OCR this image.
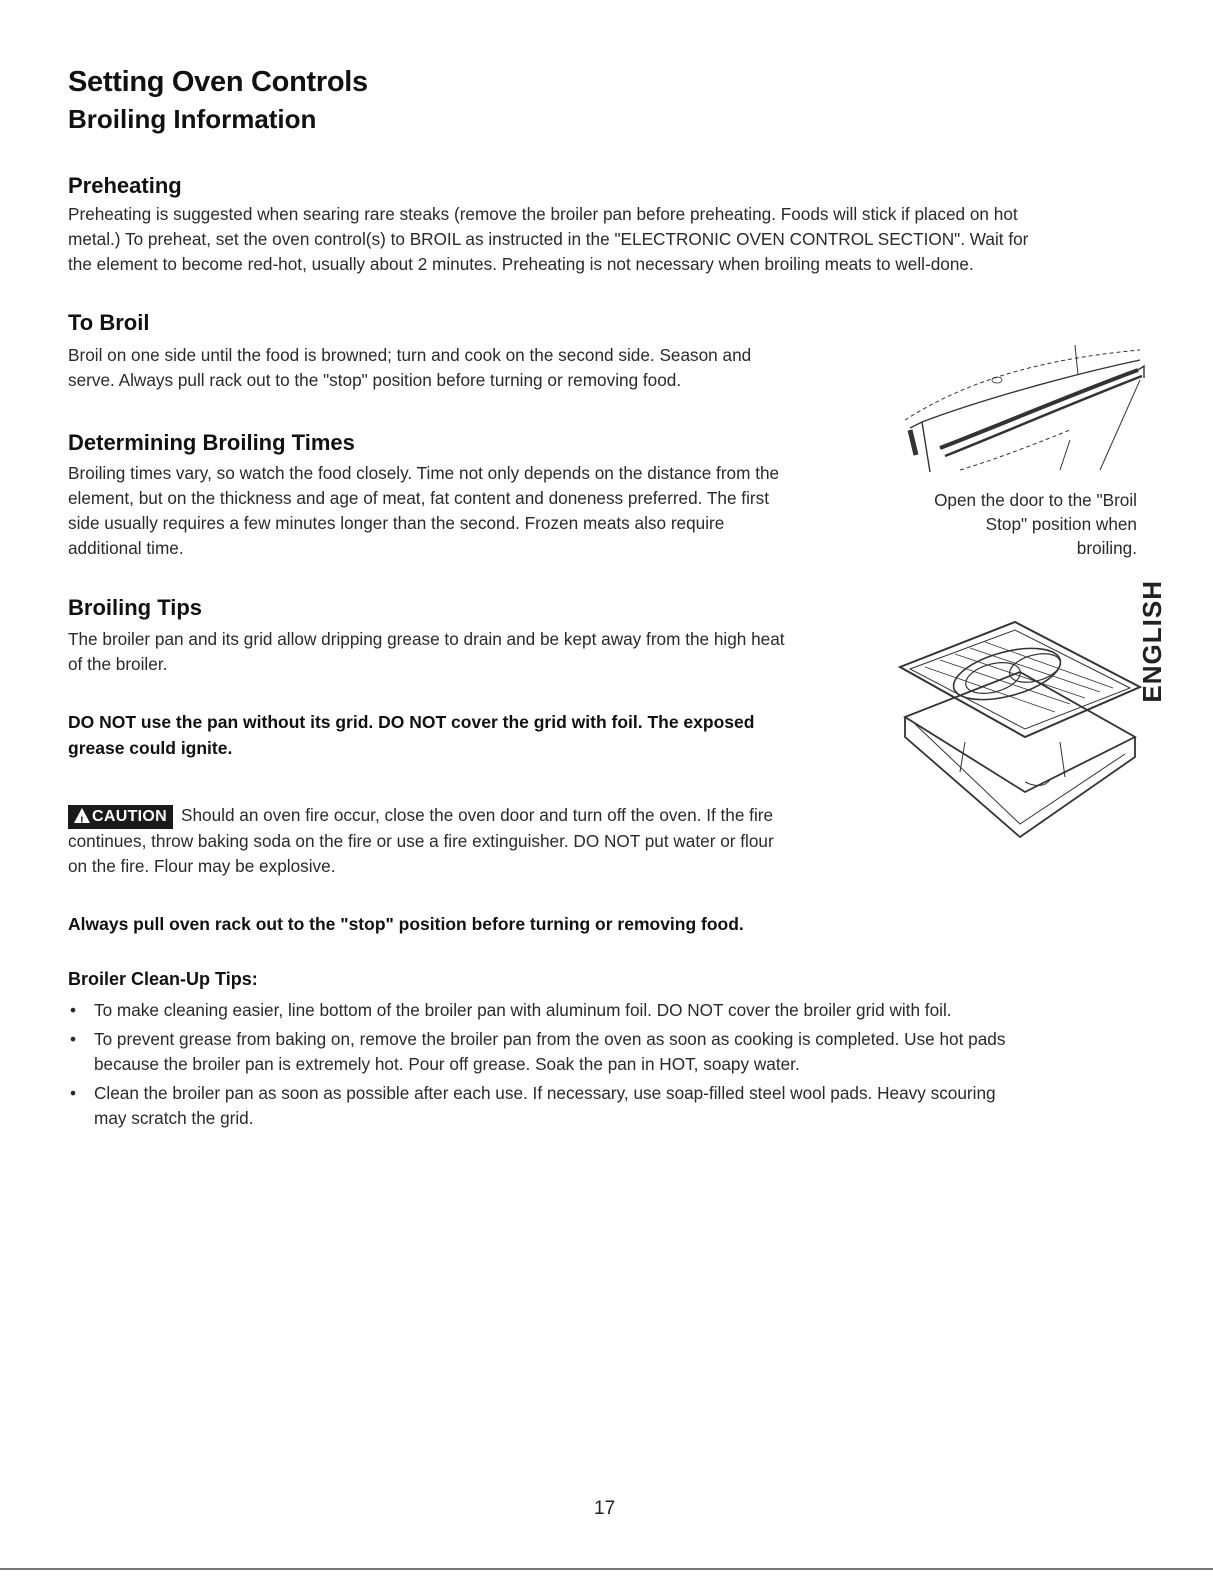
Setting Oven Controls
Broiling Information
Preheating
Preheating is suggested when searing rare steaks (remove the broiler pan before preheating. Foods will stick if placed on hot
metal.) To preheat, set the oven control(s) to BROIL as instructed in the "ELECTRONIC OVEN CONTROL SECTION". Wait for
the element to become red-hot, usually about 2 minutes. Preheating is not necessary when broiling meats to well-done.
To Broil
Broil on one side until the food is browned; turn and cook on the second side. Season and
serve. Always pull rack out to the "stop" position before turning or removing food.
Open the door to the "Broil
Stop" position when
broiling.
Determining Broiling Times
Broiling times vary, so watch the food closely. Time not only depends on the distance from the
element, but on the thickness and age of meat, fat content and doneness preferred. The first
side usually requires a few minutes longer than the second. Frozen meats also require
additional time.
Broiling Tips
The broiler pan and its grid allow dripping grease to drain and be kept away from the high heat
of the broiler.
DO NOT use the pan without its grid. DO NOT cover the grid with foil. The exposed
grease could ignite.
!CAUTION Should an oven fire occur, close the oven door and turn off the oven. If the fire
continues, throw baking soda on the fire or use a fire extinguisher. DO NOT put water or flour
on the fire. Flour may be explosive.
Always pull oven rack out to the "stop" position before turning or removing food.
Broiler Clean-Up Tips:
• To make cleaning easier, line bottom of the broiler pan with aluminum foil. DO NOT cover the broiler grid with foil.
• To prevent grease from baking on, remove the broiler pan from the oven as soon as cooking is completed. Use hot pads
because the broiler pan is extremely hot. Pour off grease. Soak the pan in HOT, soapy water.
• Clean the broiler pan as soon as possible after each use. If necessary, use soap-filled steel wool pads. Heavy scouring
may scratch the grid.
ENGLISH
17
